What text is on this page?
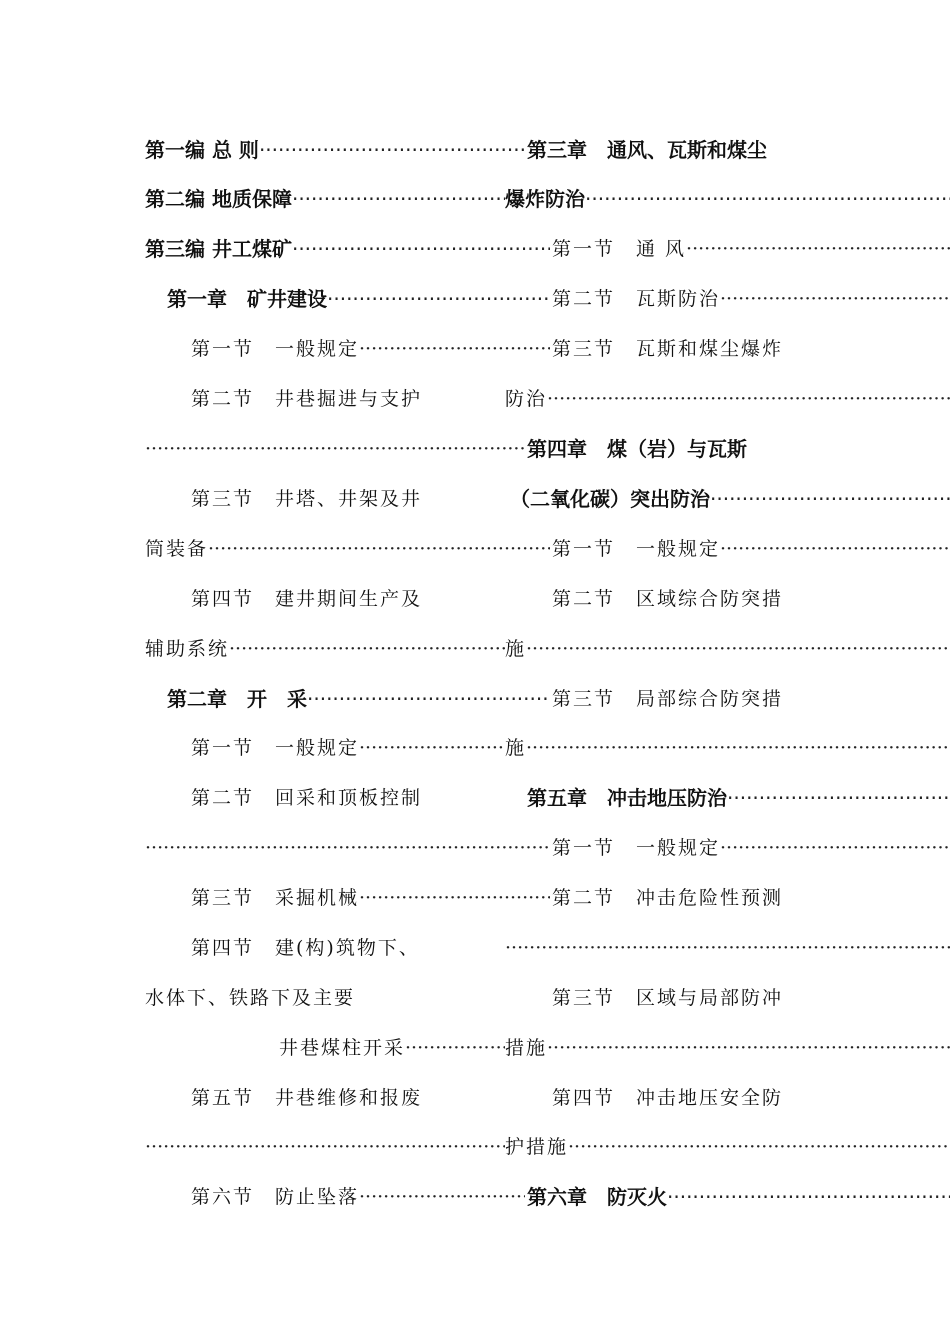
第一编 总 则·····
第二编 地质保障·····
第三编 井工煤矿·····
第一章　矿井建设·····
第一节　一般规定·····
第二节　井巷掘进与支护
·····
第三节　井塔、井架及井
筒装备·····
第四节　建井期间生产及
辅助系统·····
第二章　开　采·····
第一节　一般规定·····
第二节　回采和顶板控制
·····
第三节　采掘机械·····
第四节　建(构)筑物下、
水体下、铁路下及主要
井巷煤柱开采·····
第五节　井巷维修和报废
·····
第六节　防止坠落·····
第三章　通风、瓦斯和煤尘
爆炸防治·····
第一节　通 风·····
第二节　瓦斯防治·····
第三节　瓦斯和煤尘爆炸
防治·····
第四章　煤（岩）与瓦斯
（二氧化碳）突出防治·····
第一节　一般规定·····
第二节　区域综合防突措
施·····
第三节　局部综合防突措
施·····
第五章　冲击地压防治·····
第一节　一般规定·····
第二节　冲击危险性预测
·····
第三节　区域与局部防冲
措施·····
第四节　冲击地压安全防
护措施·····
第六章　防灭火·····
